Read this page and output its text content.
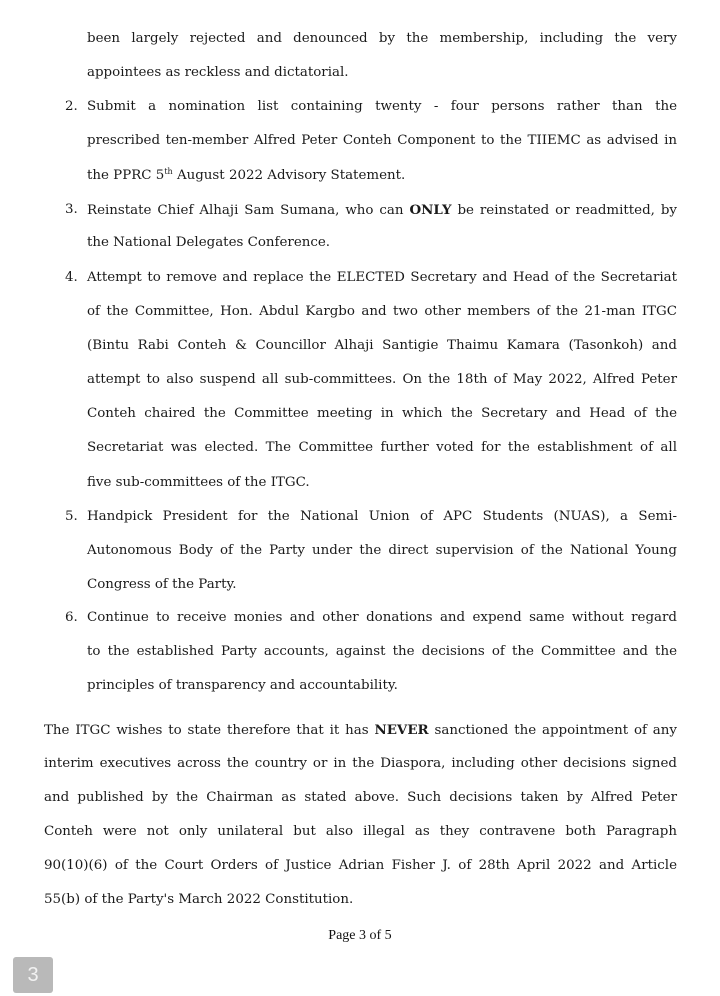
been largely rejected and denounced by the membership, including the very
appointees as reckless and dictatorial.
2. Submit a nomination list containing twenty - four persons rather than the
prescribed ten-member Alfred Peter Conteh Component to the TIIEMC as advised in
the PPRC 5th August 2022 Advisory Statement.
3. Reinstate Chief Alhaji Sam Sumana, who can ONLY be reinstated or readmitted, by
the National Delegates Conference.
4. Attempt to remove and replace the ELECTED Secretary and Head of the Secretariat
of the Committee, Hon. Abdul Kargbo and two other members of the 21-man ITGC
(Bintu Rabi Conteh & Councillor Alhaji Santigie Thaimu Kamara (Tasonkoh) and
attempt to also suspend all sub-committees. On the 18th of May 2022, Alfred Peter
Conteh chaired the Committee meeting in which the Secretary and Head of the
Secretariat was elected. The Committee further voted for the establishment of all
five sub-committees of the ITGC.
5. Handpick President for the National Union of APC Students (NUAS), a Semi-
Autonomous Body of the Party under the direct supervision of the National Young
Congress of the Party.
6. Continue to receive monies and other donations and expend same without regard
to the established Party accounts, against the decisions of the Committee and the
principles of transparency and accountability.
The ITGC wishes to state therefore that it has NEVER sanctioned the appointment of any
interim executives across the country or in the Diaspora, including other decisions signed
and published by the Chairman as stated above. Such decisions taken by Alfred Peter
Conteh were not only unilateral but also illegal as they contravene both Paragraph
90(10)(6) of the Court Orders of Justice Adrian Fisher J. of 28th April 2022 and Article
55(b) of the Party's March 2022 Constitution.
Page 3 of 5
3
